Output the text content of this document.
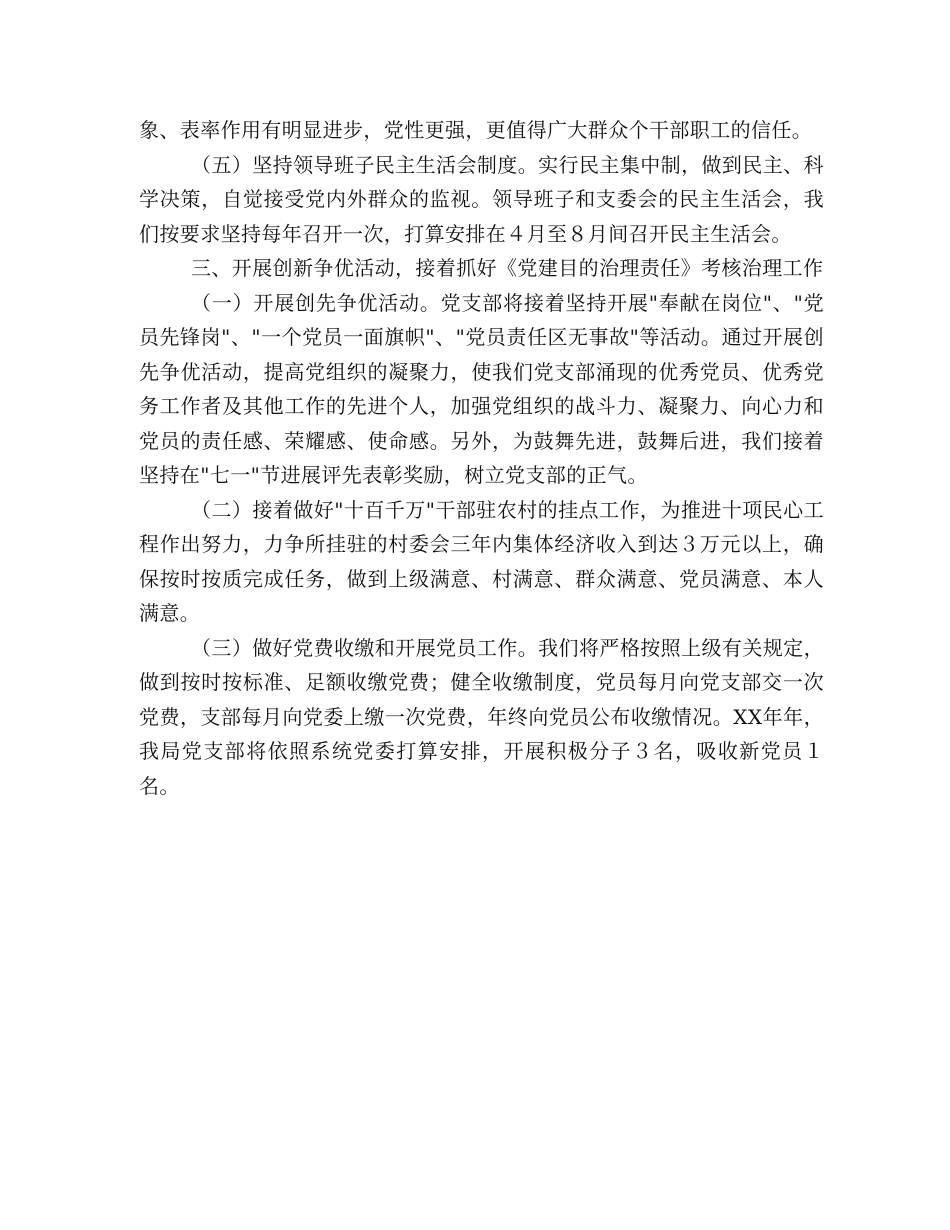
象、表率作用有明显进步，党性更强，更值得广大群众个干部职工的信任。

（五）坚持领导班子民主生活会制度。实行民主集中制，做到民主、科学决策，自觉接受党内外群众的监视。领导班子和支委会的民主生活会，我们按要求坚持每年召开一次，打算安排在４月至８月间召开民主生活会。

三、开展创新争优活动，接着抓好《党建目的治理责任》考核治理工作

（一）开展创先争优活动。党支部将接着坚持开展"奉献在岗位"、"党员先锋岗"、"一个党员一面旗帜"、"党员责任区无事故"等活动。通过开展创先争优活动，提高党组织的凝聚力，使我们党支部涌现的优秀党员、优秀党务工作者及其他工作的先进个人，加强党组织的战斗力、凝聚力、向心力和党员的责任感、荣耀感、使命感。另外，为鼓舞先进，鼓舞后进，我们接着坚持在"七一"节进展评先表彰奖励，树立党支部的正气。

（二）接着做好"十百千万"干部驻农村的挂点工作，为推进十项民心工程作出努力，力争所挂驻的村委会三年内集体经济收入到达３万元以上，确保按时按质完成任务，做到上级满意、村满意、群众满意、党员满意、本人满意。

（三）做好党费收缴和开展党员工作。我们将严格按照上级有关规定，做到按时按标准、足额收缴党费；健全收缴制度，党员每月向党支部交一次党费，支部每月向党委上缴一次党费，年终向党员公布收缴情况。XX年年，我局党支部将依照系统党委打算安排，开展积极分子３名，吸收新党员１名。
